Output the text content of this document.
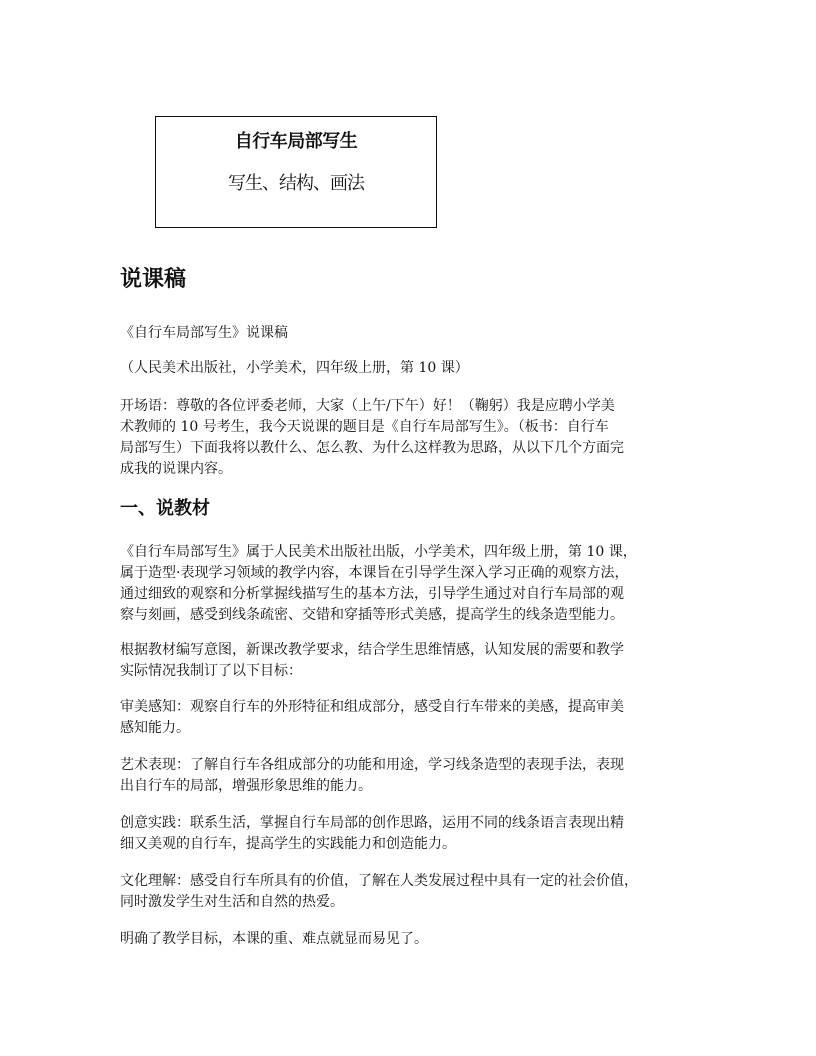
自行车局部写生
写生、结构、画法
说课稿

《自行车局部写生》说课稿

（人民美术出版社，小学美术，四年级上册，第 10 课）

开场语：尊敬的各位评委老师，大家（上午/下午）好！（鞠躬）我是应聘小学美
术教师的 10 号考生，我今天说课的题目是《自行车局部写生》。（板书：自行车
局部写生）下面我将以教什么、怎么教、为什么这样教为思路，从以下几个方面完
成我的说课内容。

一、说教材

《自行车局部写生》属于人民美术出版社出版，小学美术，四年级上册，第 10 课，
属于造型·表现学习领域的教学内容，本课旨在引导学生深入学习正确的观察方法，
通过细致的观察和分析掌握线描写生的基本方法，引导学生通过对自行车局部的观
察与刻画，感受到线条疏密、交错和穿插等形式美感，提高学生的线条造型能力。

根据教材编写意图，新课改教学要求，结合学生思维情感，认知发展的需要和教学
实际情况我制订了以下目标：

审美感知：观察自行车的外形特征和组成部分，感受自行车带来的美感，提高审美
感知能力。

艺术表现：了解自行车各组成部分的功能和用途，学习线条造型的表现手法，表现
出自行车的局部，增强形象思维的能力。

创意实践：联系生活，掌握自行车局部的创作思路，运用不同的线条语言表现出精
细又美观的自行车，提高学生的实践能力和创造能力。

文化理解：感受自行车所具有的价值，了解在人类发展过程中具有一定的社会价值，
同时激发学生对生活和自然的热爱。

明确了教学目标，本课的重、难点就显而易见了。
